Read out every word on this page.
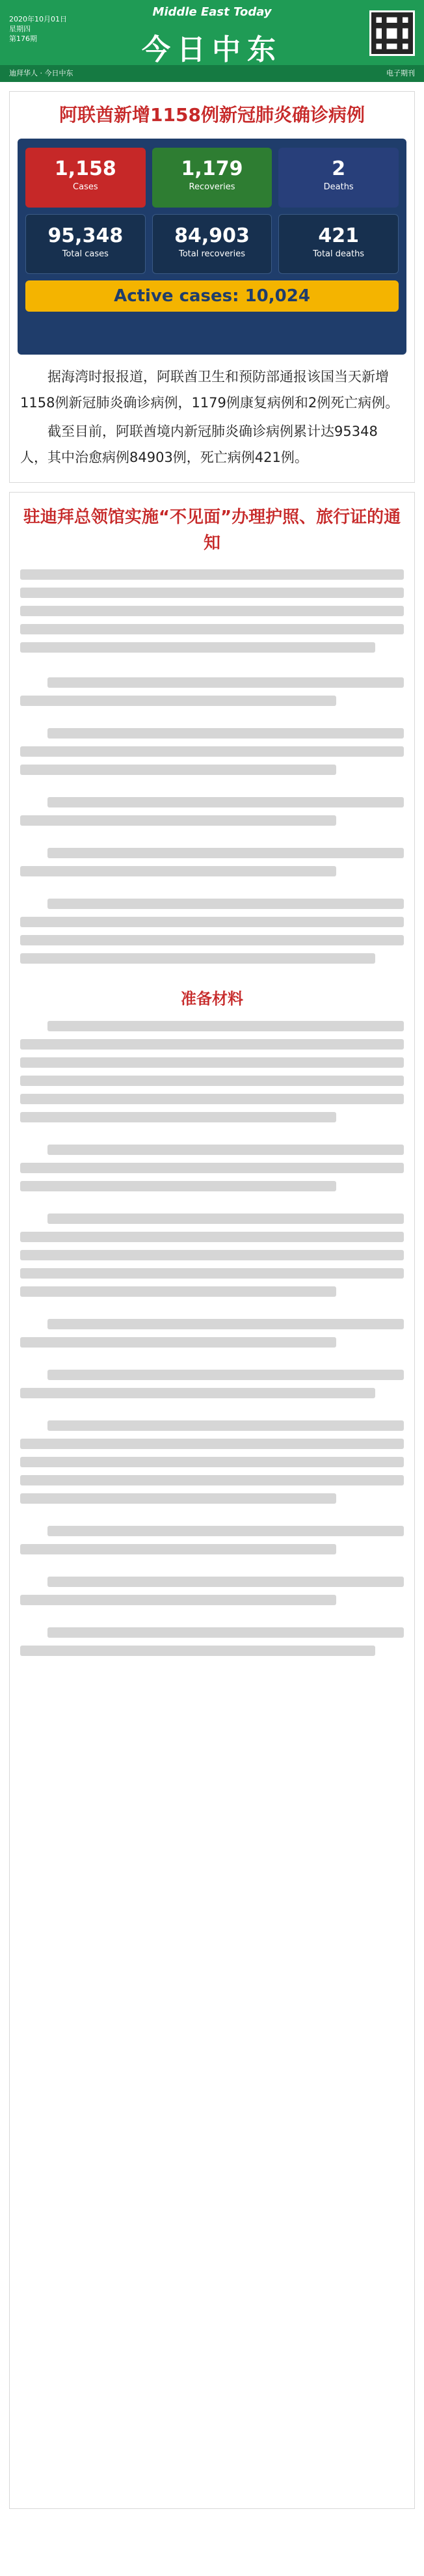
2020年10月01日
星期四
第176期
Middle East Today
今日中东
迪拜华人 · 今日中东	电子期刊
阿联酋新增1158例新冠肺炎确诊病例
1,158
Cases
1,179
Recoveries
2
Deaths
95,348
Total cases
84,903
Total recoveries
421
Total deaths
Active cases: 10,024

据海湾时报报道，阿联酋卫生和预防部通报该国当天新增1158例新冠肺炎确诊病例，1179例康复病例和2例死亡病例。

截至目前，阿联酋境内新冠肺炎确诊病例累计达95348人，其中治愈病例84903例，死亡病例421例。

驻迪拜总领馆实施“不见面”办理护照、旅行证的通知
准备材料
